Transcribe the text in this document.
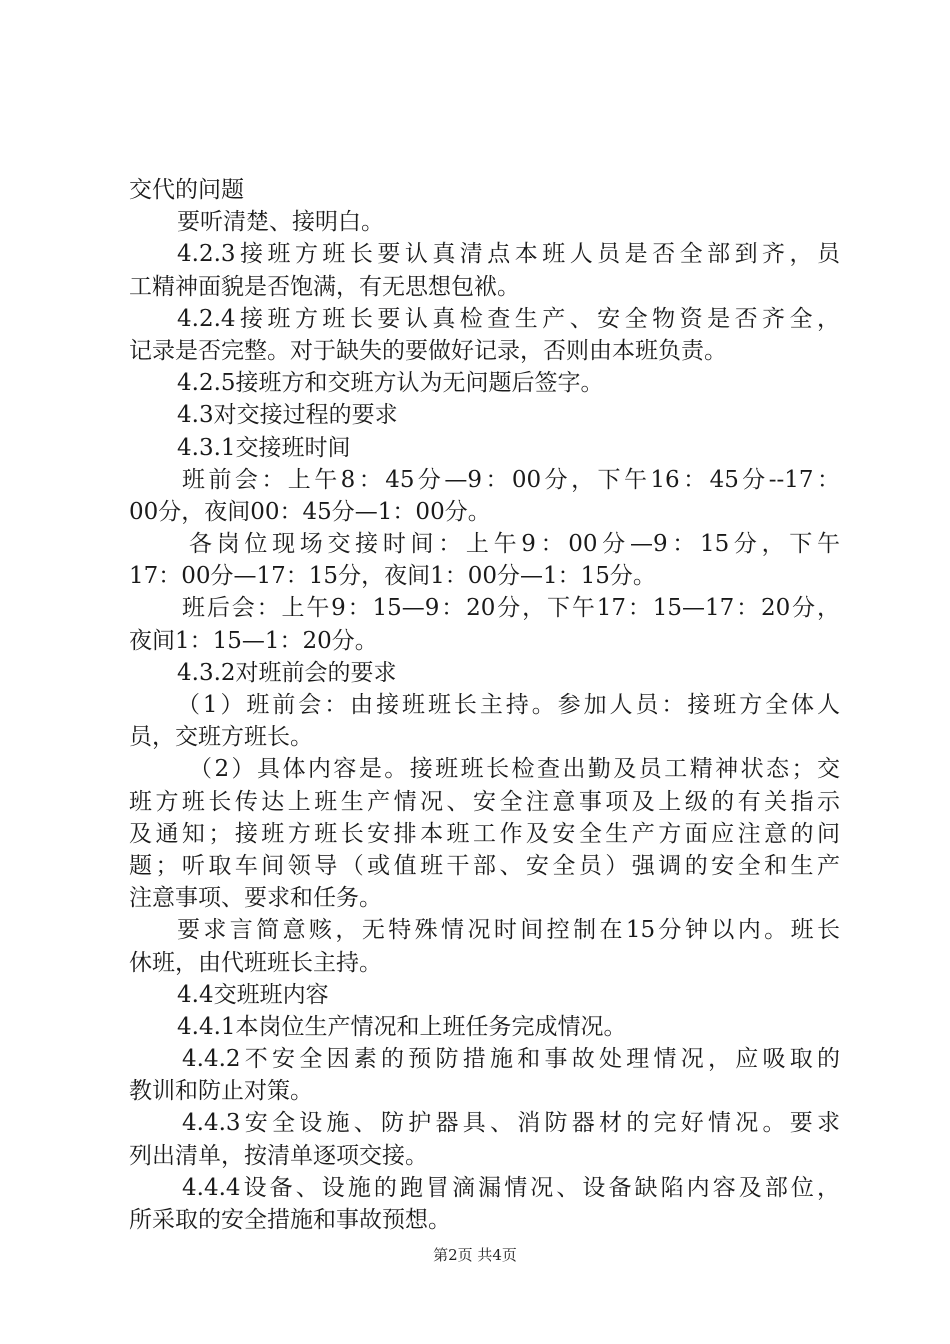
交代的问题
要听清楚、接明白。
4.2.3接班方班长要认真清点本班人员是否全部到齐，员
工精神面貌是否饱满，有无思想包袱。
4.2.4接班方班长要认真检查生产、安全物资是否齐全，
记录是否完整。对于缺失的要做好记录，否则由本班负责。
4.2.5接班方和交班方认为无问题后签字。
4.3对交接过程的要求
4.3.1交接班时间
班前会：上午8：45分—9：00分，下午16：45分--17：
00分，夜间00：45分—1：00分。
各岗位现场交接时间：上午9：00分—9：15分，下午
17：00分—17：15分，夜间1：00分—1：15分。
班后会：上午9：15—9：20分，下午17：15—17：20分，
夜间1：15—1：20分。
4.3.2对班前会的要求
（1）班前会：由接班班长主持。参加人员：接班方全体人
员，交班方班长。
（2）具体内容是。接班班长检查出勤及员工精神状态；交
班方班长传达上班生产情况、安全注意事项及上级的有关指示
及通知；接班方班长安排本班工作及安全生产方面应注意的问
题；听取车间领导（或值班干部、安全员）强调的安全和生产
注意事项、要求和任务。
要求言简意赅，无特殊情况时间控制在15分钟以内。班长
休班，由代班班长主持。
4.4交班班内容
4.4.1本岗位生产情况和上班任务完成情况。
4.4.2不安全因素的预防措施和事故处理情况，应吸取的
教训和防止对策。
4.4.3安全设施、防护器具、消防器材的完好情况。要求
列出清单，按清单逐项交接。
4.4.4设备、设施的跑冒滴漏情况、设备缺陷内容及部位，
所采取的安全措施和事故预想。
第2页 共4页
